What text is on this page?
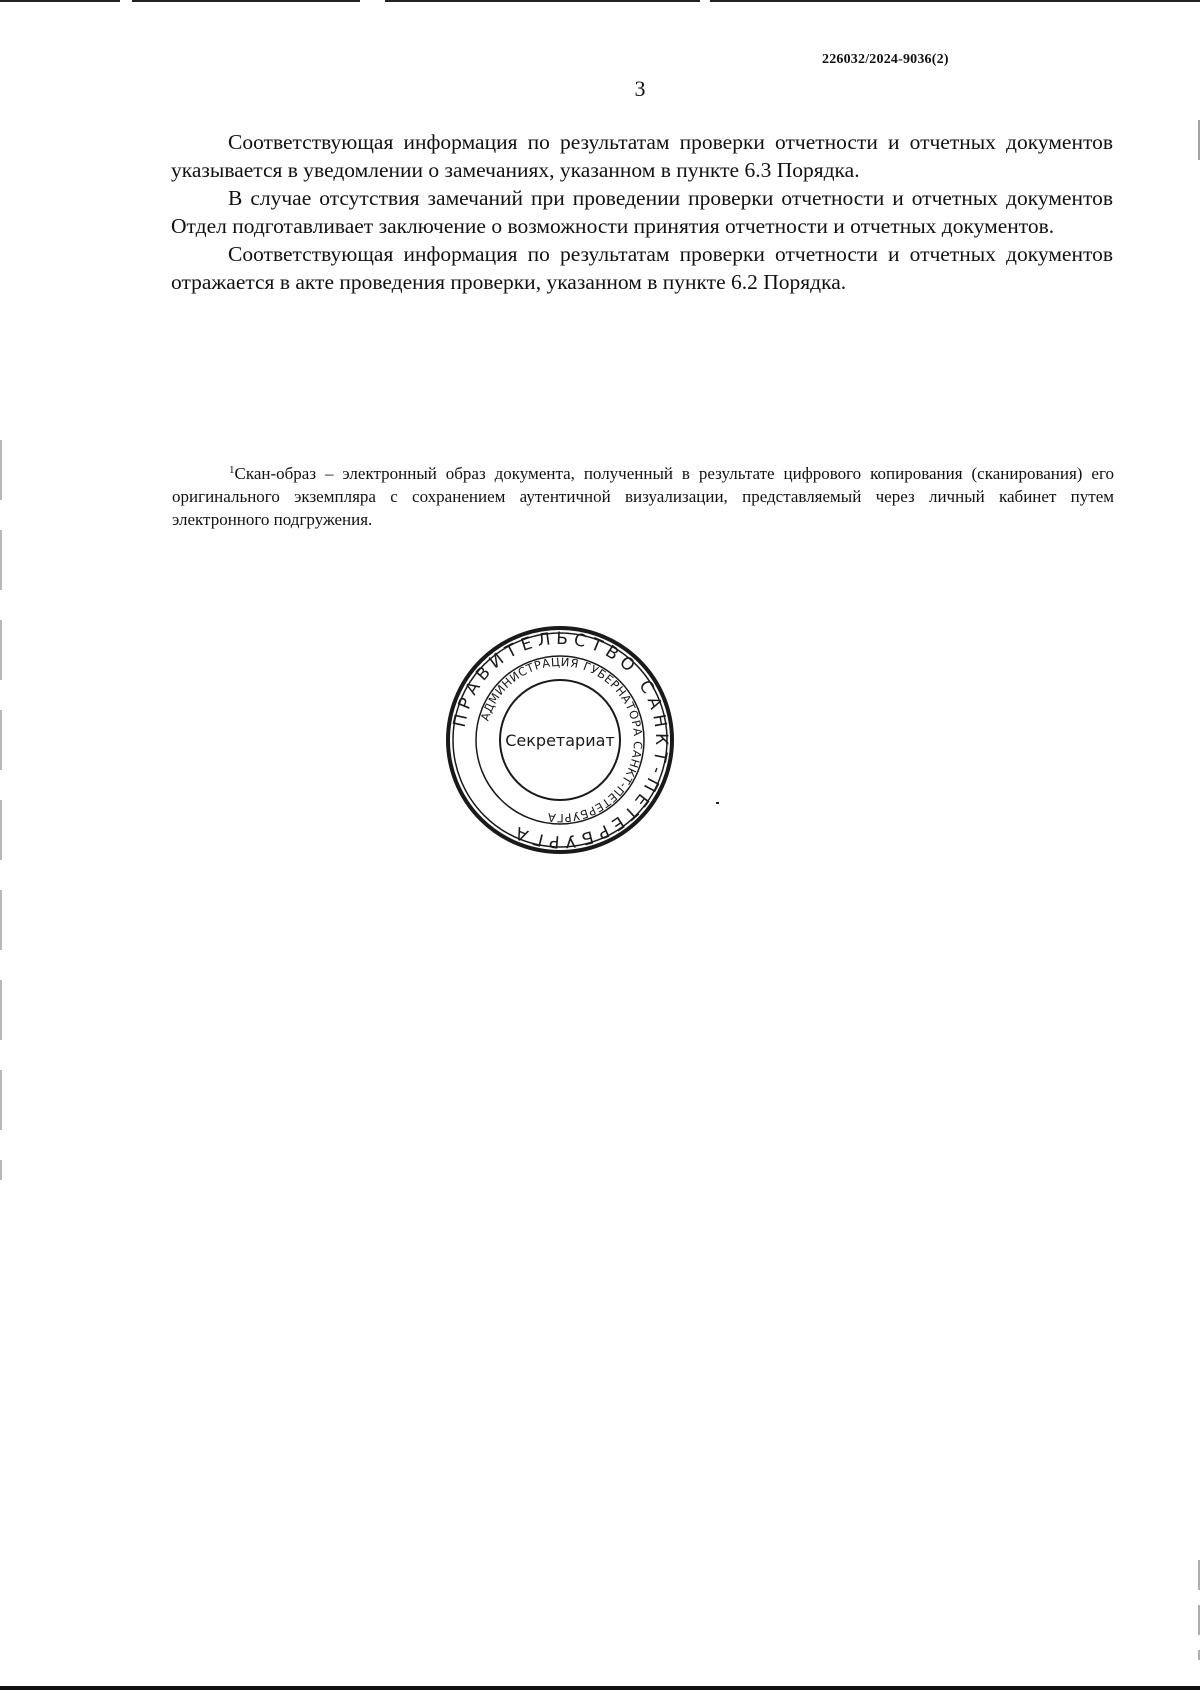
226032/2024-9036(2)
3

Соответствующая информация по результатам проверки отчетности и отчетных документов указывается в уведомлении о замечаниях, указанном в пункте 6.3 Порядка.

В случае отсутствия замечаний при проведении проверки отчетности и отчетных документов Отдел подготавливает заключение о возможности принятия отчетности и отчетных документов.

Соответствующая информация по результатам проверки отчетности и отчетных документов отражается в акте проведения проверки, указанном в пункте 6.2 Порядка.

$^1$Скан-образ – электронный образ документа, полученный в результате цифрового копирования (сканирования) его оригинального экземпляра с сохранением аутентичной визуализации, представляемый через личный кабинет путем электронного подгружения.
ПРАВИТЕЛЬСТВО САНКТ-ПЕТЕРБУРГА
АДМИНИСТРАЦИЯ ГУБЕРНАТОРА САНКТ-ПЕТЕРБУРГА
Секретариат
